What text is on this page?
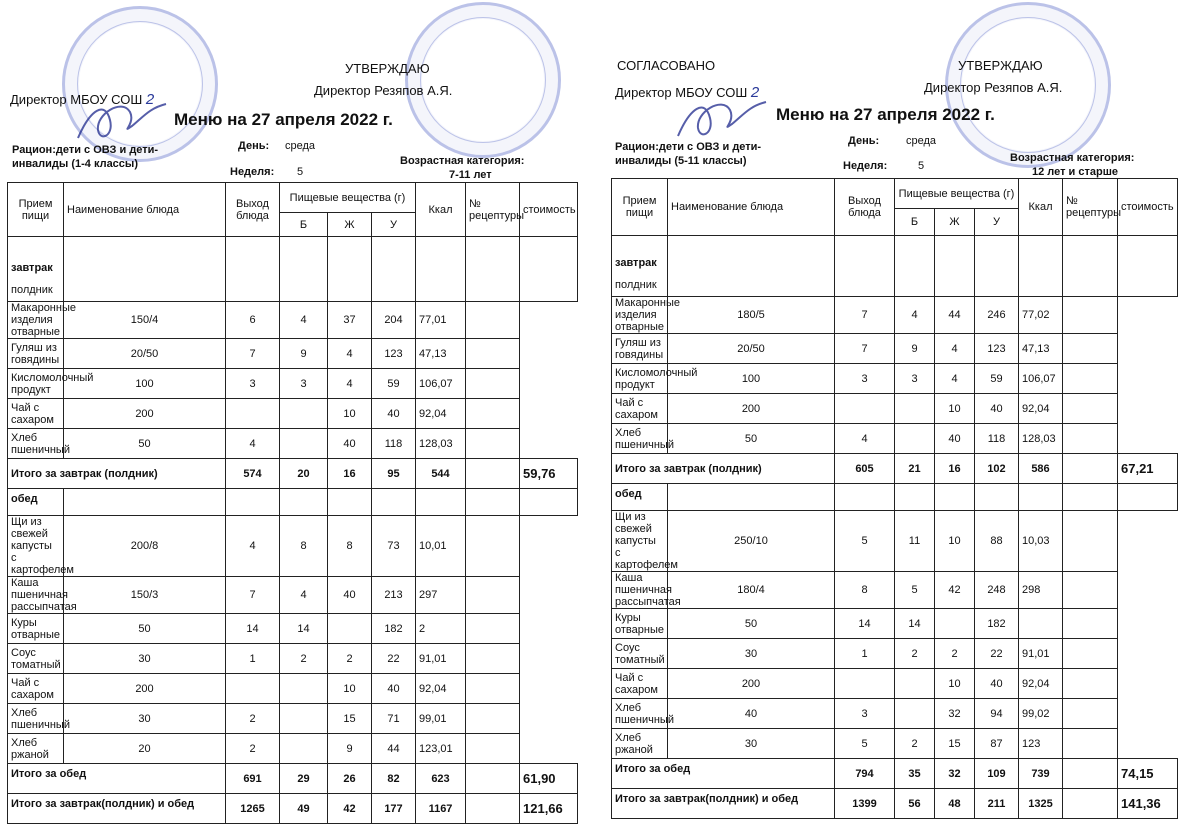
УТВЕРЖДАЮ
Директор МБОУ СОШ 2
Директор Резяпов А.Я.
Меню на 27 апреля 2022 г.
Рацион:дети с ОВЗ и дети-инвалиды (1-4 классы)
День: среда
Неделя: 5
Возрастная категория:
7-11 лет
Прием пищи	Наименование блюда	Выход блюда	Пищевые вещества (г)			Ккал	№ рецептуры	стоимость
			Б	Ж	У			

завтрак
полдник								

Макаронные изделия отварные	150/4	6	4	37	204	77,01		
Гуляш из говядины	20/50	7	9	4	123	47,13		
Кисломолочный продукт	100	3	3	4	59	106,07		
Чай с сахаром	200			10	40	92,04		
Хлеб пшеничный	50	4		40	118	128,03		
Итого за завтрак (полдник)		574	20	16	95	544		59,76
обед								
Щи из свежей капусты с картофелем	200/8	4	8	8	73	10,01		
Каша пшеничная рассыпчатая	150/3	7	4	40	213	297		
Куры отварные	50	14	14		182	2		
Соус томатный	30	1	2	2	22	91,01		
Чай с сахаром	200			10	40	92,04		
Хлеб пшеничный	30	2		15	71	99,01		
Хлеб ржаной	20	2		9	44	123,01		
Итого за обед		691	29	26	82	623		61,90
Итого за завтрак(полдник) и обед		1265	49	42	177	1167		121,66
СОГЛАСОВАНО	УТВЕРЖДАЮ
Директор МБОУ СОШ 2	Директор Резяпов А.Я.
Меню на 27 апреля 2022 г.
Рацион:дети с ОВЗ и дети-инвалиды (5-11 классы)
День: среда
Неделя:	5
Возрастная категория:
12 лет и старше
Прием пищи	Наименование блюда	Выход блюда	Пищевые вещества (г)			Ккал	№ рецептуры	стоимость
			Б	Ж	У			

завтрак
полдник								

Макаронные изделия отварные	180/5	7	4	44	246	77,02		
Гуляш из говядины	20/50	7	9	4	123	47,13		
Кисломолочный продукт	100	3	3	4	59	106,07		
Чай с сахаром	200			10	40	92,04		
Хлеб пшеничный	50	4		40	118	128,03		
Итого за завтрак (полдник)		605	21	16	102	586		67,21
обед								
Щи из свежей капусты с картофелем	250/10	5	11	10	88	10,03		
Каша пшеничная рассыпчатая	180/4	8	5	42	248	298		
Куры отварные	50	14	14		182			
Соус томатный	30	1	2	2	22	91,01		
Чай с сахаром	200			10	40	92,04		
Хлеб пшеничный	40	3		32	94	99,02		
Хлеб ржаной	30	5	2	15	87	123		
Итого за обед		794	35	32	109	739		74,15
Итого за завтрак(полдник) и обед		1399	56	48	211	1325		141,36
